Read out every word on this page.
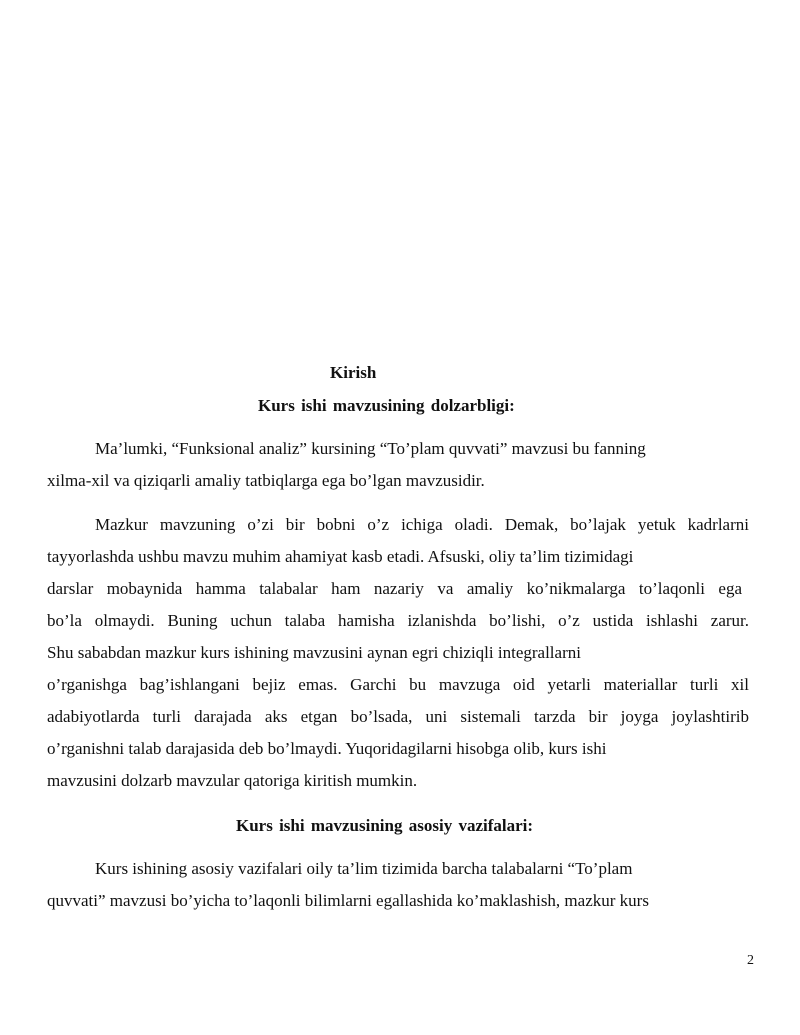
Kirish
Kurs ishi mavzusining dolzarbligi:
Ma’lumki, “Funksional analiz” kursining “To’plam quvvati” mavzusi bu fanning
xilma-xil va qiziqarli amaliy tatbiqlarga ega bo’lgan mavzusidir.
Mazkur mavzuning o’zi bir bobni o’z ichiga oladi. Demak, bo’lajak yetuk kadrlarni
tayyorlashda ushbu mavzu muhim ahamiyat kasb etadi. Afsuski, oliy ta’lim tizimidagi
darslar mobaynida hamma talabalar ham nazariy va amaliy ko’nikmalarga to’laqonli ega
bo’la olmaydi. Buning uchun talaba hamisha izlanishda bo’lishi, o’z ustida ishlashi zarur.
Shu sababdan mazkur kurs ishining mavzusini aynan egri chiziqli integrallarni
o’rganishga bag’ishlangani bejiz emas. Garchi bu mavzuga oid yetarli materiallar turli xil
adabiyotlarda turli darajada aks etgan bo’lsada, uni sistemali tarzda bir joyga joylashtirib
o’rganishni talab darajasida deb bo’lmaydi. Yuqoridagilarni hisobga olib, kurs ishi
mavzusini dolzarb mavzular qatoriga kiritish mumkin.
Kurs ishi mavzusining asosiy vazifalari:
Kurs ishining asosiy vazifalari oily ta’lim tizimida barcha talabalarni “To’plam
quvvati” mavzusi bo’yicha to’laqonli bilimlarni egallashida ko’maklashish, mazkur kurs
2
